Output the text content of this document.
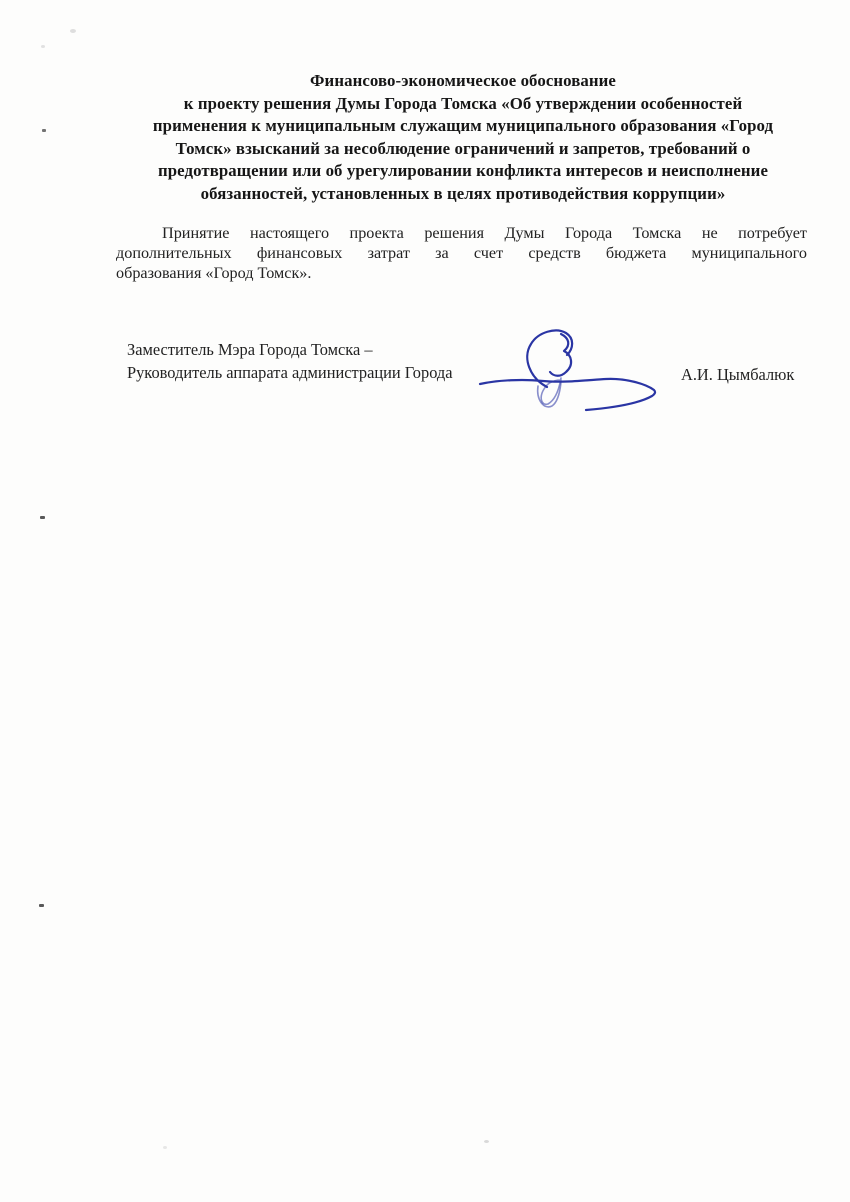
Финансово-экономическое обоснование
к проекту решения Думы Города Томска «Об утверждении особенностей
применения к муниципальным служащим муниципального образования «Город
Томск» взысканий за несоблюдение ограничений и запретов, требований о
предотвращении или об урегулировании конфликта интересов и неисполнение
обязанностей, установленных в целях противодействия коррупции»
Принятие настоящего проекта решения Думы Города Томска не потребует
дополнительных финансовых затрат за счет средств бюджета муниципального
образования «Город Томск».
Заместитель Мэра Города Томска –
Руководитель аппарата администрации Города	А.И. Цымбалюк
